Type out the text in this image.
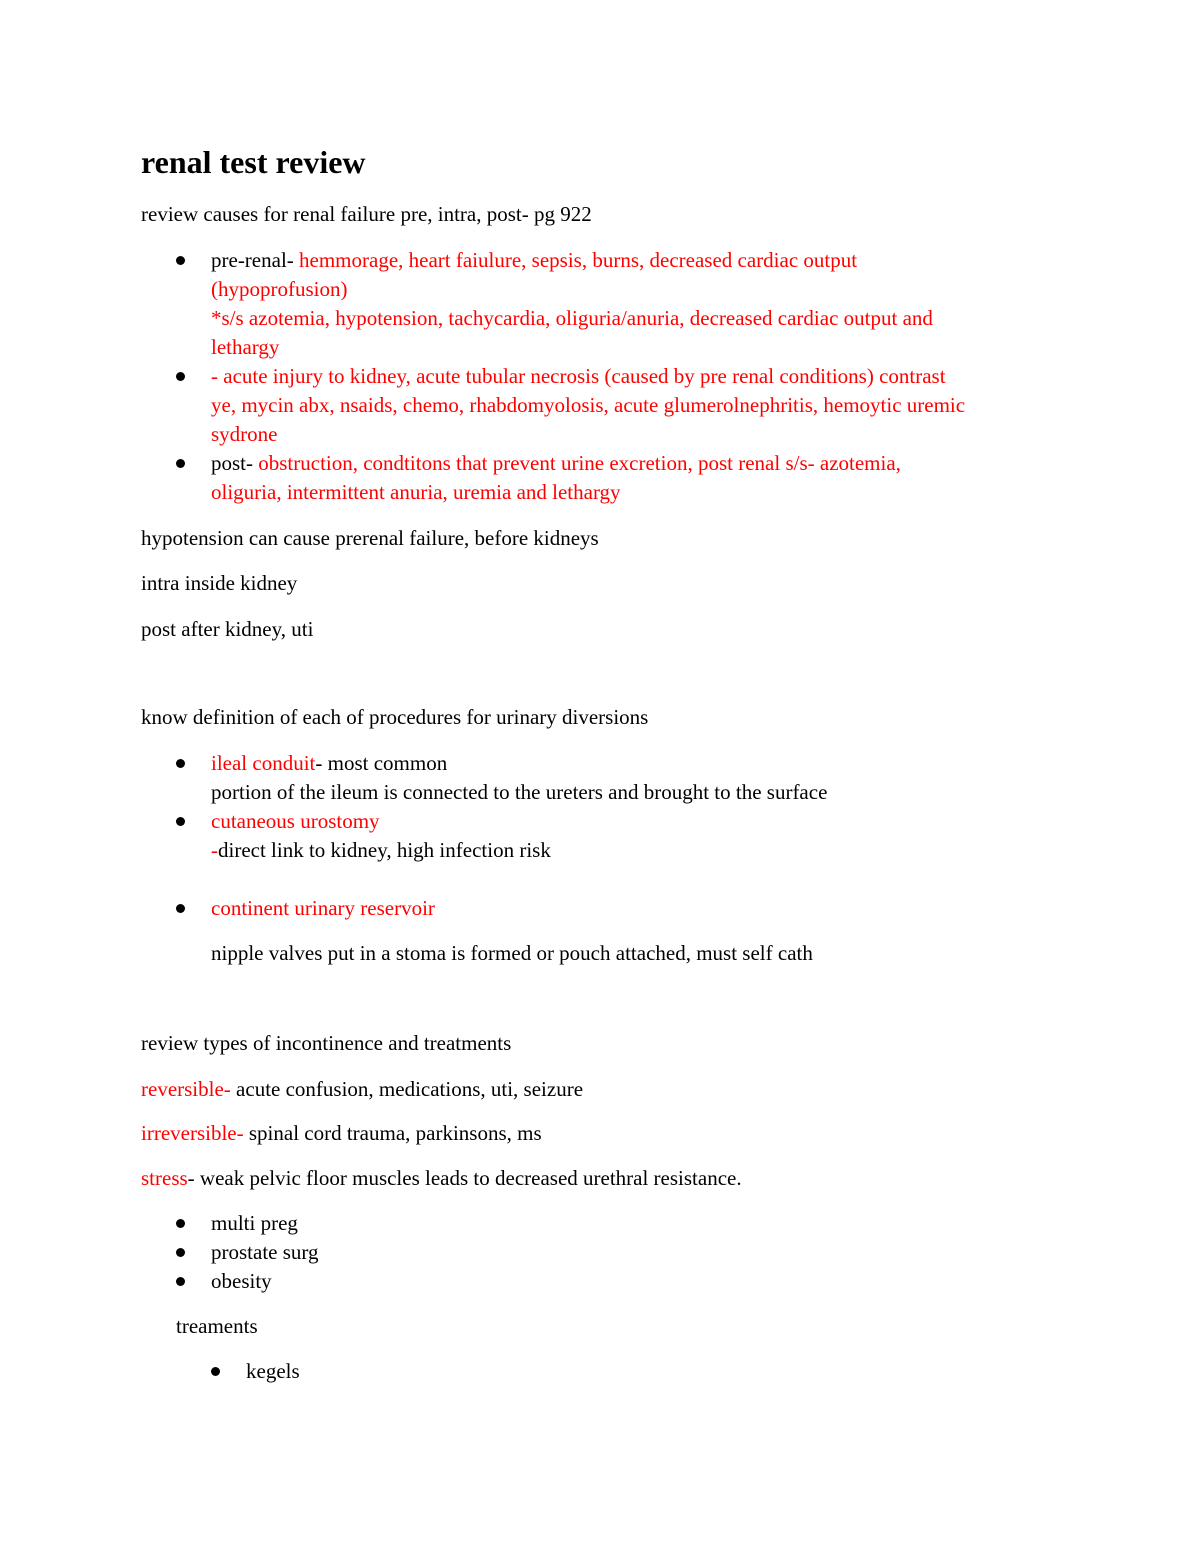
renal test review

review causes for renal failure pre, intra, post- pg 922

pre-renal- hemmorage, heart faiulure, sepsis, burns, decreased cardiac output
(hypoprofusion)
*s/s azotemia, hypotension, tachycardia, oliguria/anuria, decreased cardiac output and
lethargy
- acute injury to kidney, acute tubular necrosis (caused by pre renal conditions) contrast
ye, mycin abx, nsaids, chemo, rhabdomyolosis, acute glumerolnephritis, hemoytic uremic
sydrone
post- obstruction, condtitons that prevent urine excretion, post renal s/s- azotemia,
oliguria, intermittent anuria, uremia and lethargy

hypotension can cause prerenal failure, before kidneys

intra inside kidney

post after kidney, uti

know definition of each of procedures for urinary diversions

ileal conduit- most common
portion of the ileum is connected to the ureters and brought to the surface
cutaneous urostomy
-direct link to kidney, high infection risk
continent urinary reservoir
nipple valves put in a stoma is formed or pouch attached, must self cath

review types of incontinence and treatments

reversible- acute confusion, medications, uti, seizure

irreversible- spinal cord trauma, parkinsons, ms

stress- weak pelvic floor muscles leads to decreased urethral resistance.

multi preg
prostate surg
obesity

treaments

kegels
